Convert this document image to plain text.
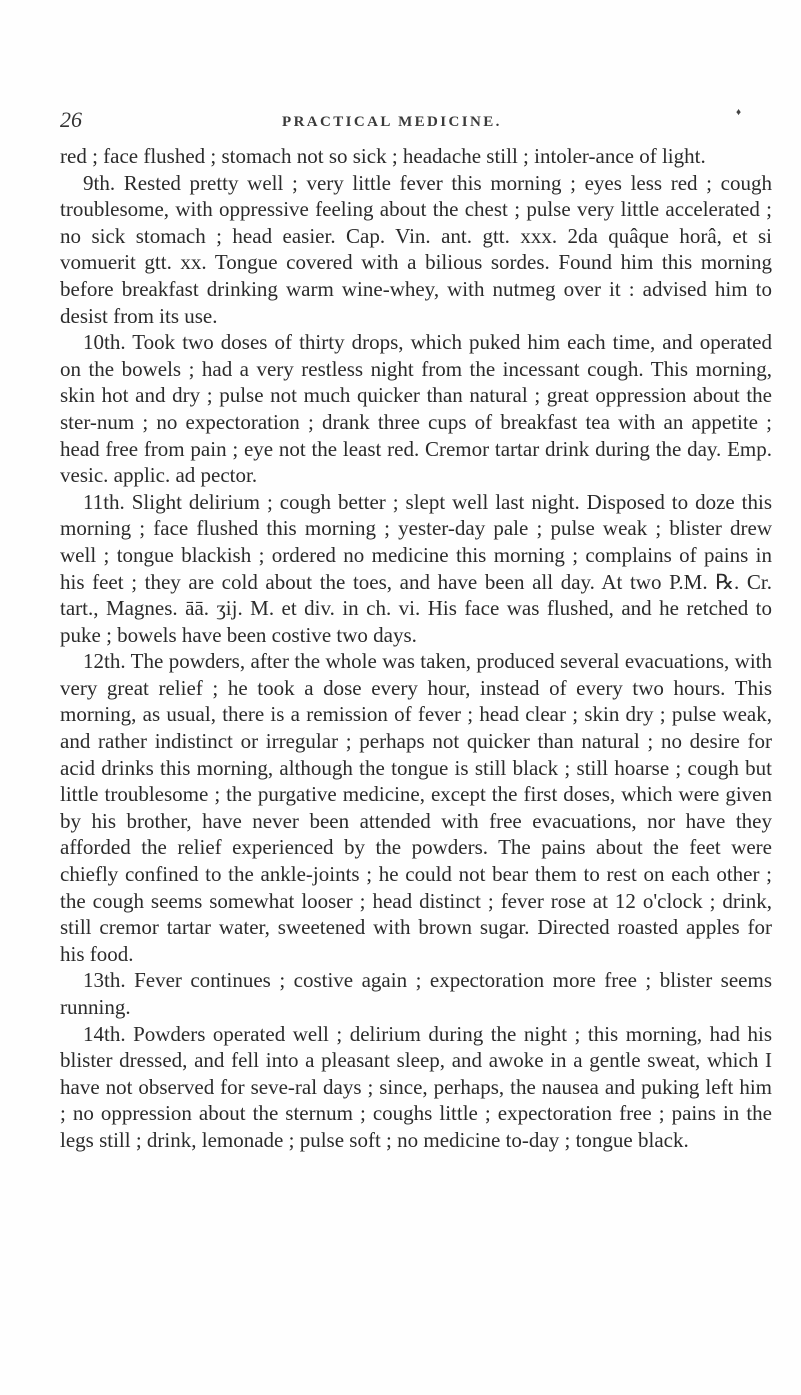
26	PRACTICAL MEDICINE.
♦

red ; face flushed ; stomach not so sick ; headache still ; intoler-ance of light.

9th. Rested pretty well ; very little fever this morning ; eyes less red ; cough troublesome, with oppressive feeling about the chest ; pulse very little accelerated ; no sick stomach ; head easier. Cap. Vin. ant. gtt. xxx. 2da quâque horâ, et si vomuerit gtt. xx. Tongue covered with a bilious sordes. Found him this morning before breakfast drinking warm wine-whey, with nutmeg over it : advised him to desist from its use.

10th. Took two doses of thirty drops, which puked him each time, and operated on the bowels ; had a very restless night from the incessant cough. This morning, skin hot and dry ; pulse not much quicker than natural ; great oppression about the ster-num ; no expectoration ; drank three cups of breakfast tea with an appetite ; head free from pain ; eye not the least red. Cremor tartar drink during the day. Emp. vesic. applic. ad pector.

11th. Slight delirium ; cough better ; slept well last night. Disposed to doze this morning ; face flushed this morning ; yester-day pale ; pulse weak ; blister drew well ; tongue blackish ; ordered no medicine this morning ; complains of pains in his feet ; they are cold about the toes, and have been all day. At two P.M. ℞. Cr. tart., Magnes. āā. ʒij. M. et div. in ch. vi. His face was flushed, and he retched to puke ; bowels have been costive two days.

12th. The powders, after the whole was taken, produced several evacuations, with very great relief ; he took a dose every hour, instead of every two hours. This morning, as usual, there is a remission of fever ; head clear ; skin dry ; pulse weak, and rather indistinct or irregular ; perhaps not quicker than natural ; no desire for acid drinks this morning, although the tongue is still black ; still hoarse ; cough but little troublesome ; the purgative medicine, except the first doses, which were given by his brother, have never been attended with free evacuations, nor have they afforded the relief experienced by the powders. The pains about the feet were chiefly confined to the ankle-joints ; he could not bear them to rest on each other ; the cough seems somewhat looser ; head distinct ; fever rose at 12 o'clock ; drink, still cremor tartar water, sweetened with brown sugar. Directed roasted apples for his food.

13th. Fever continues ; costive again ; expectoration more free ; blister seems running.

14th. Powders operated well ; delirium during the night ; this morning, had his blister dressed, and fell into a pleasant sleep, and awoke in a gentle sweat, which I have not observed for seve-ral days ; since, perhaps, the nausea and puking left him ; no oppression about the sternum ; coughs little ; expectoration free ; pains in the legs still ; drink, lemonade ; pulse soft ; no medicine to-day ; tongue black.
